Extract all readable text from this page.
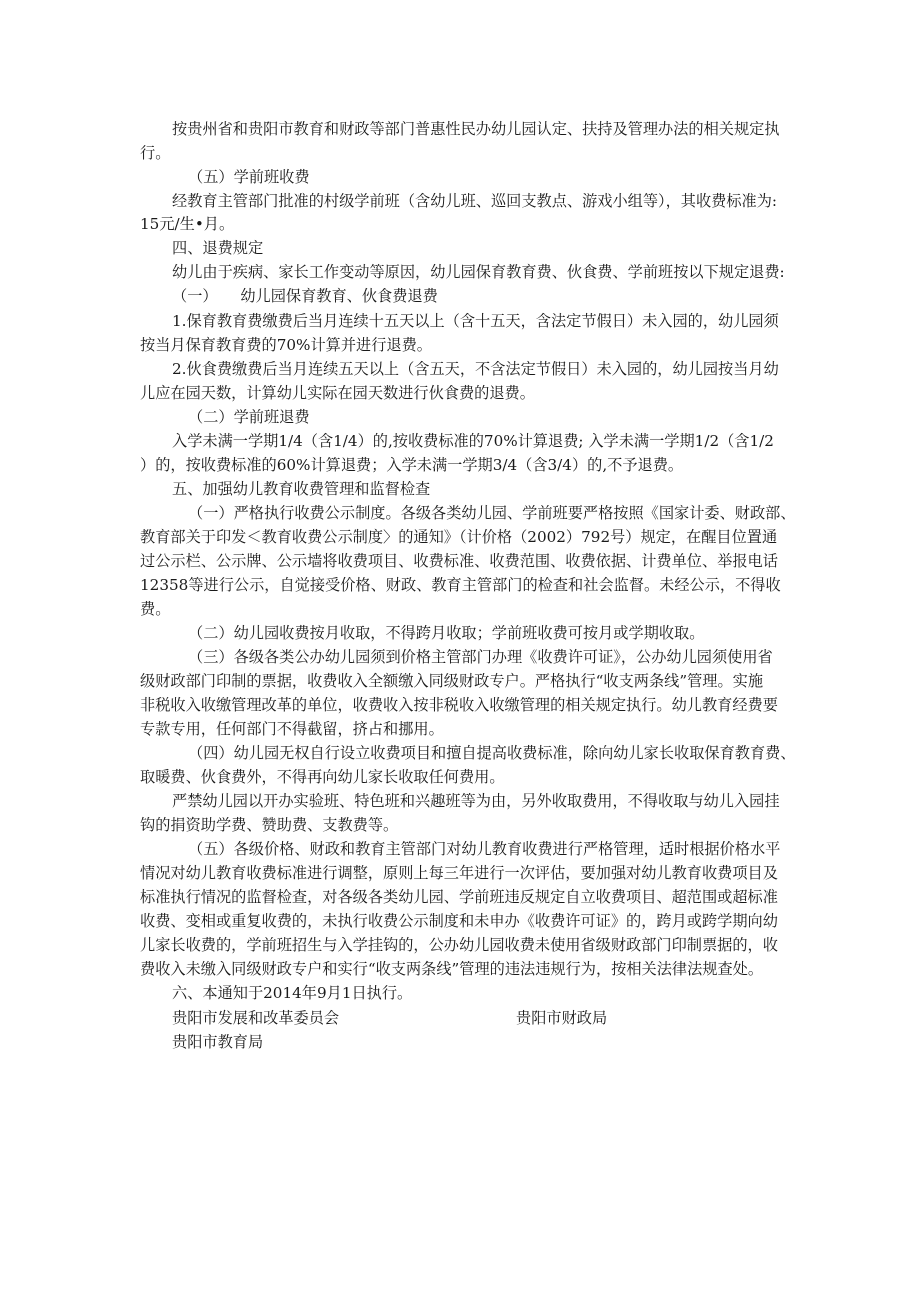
按贵州省和贵阳市教育和财政等部门普惠性民办幼儿园认定、扶持及管理办法的相关规定执

行。

（五）学前班收费

经教育主管部门批准的村级学前班（含幼儿班、巡回支教点、游戏小组等），其收费标准为:

15元/生•月。

四、退费规定

幼儿由于疾病、家长工作变动等原因，幼儿园保育教育费、伙食费、学前班按以下规定退费:

（一）　　幼儿园保育教育、伙食费退费

1.保育教育费缴费后当月连续十五天以上（含十五天，含法定节假日）未入园的，幼儿园须

按当月保育教育费的70%计算并进行退费。

2.伙食费缴费后当月连续五天以上（含五天，不含法定节假日）未入园的，幼儿园按当月幼

儿应在园天数，计算幼儿实际在园天数进行伙食费的退费。

（二）学前班退费

入学未满一学期1/4（含1/4）的,按收费标准的70%计算退费; 入学未满一学期1/2（含1/2

）的，按收费标准的60%计算退费；入学未满一学期3/4（含3/4）的,不予退费。

五、加强幼儿教育收费管理和监督检查

（一）严格执行收费公示制度。各级各类幼儿园、学前班要严格按照《国家计委、财政部、

教育部关于印发＜教育收费公示制度〉的通知》（计价格（2002）792号）规定，在醒目位置通

过公示栏、公示牌、公示墙将收费项目、收费标准、收费范围、收费依据、计费单位、举报电话

12358等进行公示，自觉接受价格、财政、教育主管部门的检查和社会监督。未经公示，不得收

费。

（二）幼儿园收费按月收取，不得跨月收取；学前班收费可按月或学期收取。

（三）各级各类公办幼儿园须到价格主管部门办理《收费许可证》，公办幼儿园须使用省

级财政部门印制的票据，收费收入全额缴入同级财政专户。严格执行“收支两条线”管理。实施

非税收入收缴管理改革的单位，收费收入按非税收入收缴管理的相关规定执行。幼儿教育经费要

专款专用，任何部门不得截留，挤占和挪用。

（四）幼儿园无权自行设立收费项目和擅自提高收费标准，除向幼儿家长收取保育教育费、

取暖费、伙食费外，不得再向幼儿家长收取任何费用。

严禁幼儿园以开办实验班、特色班和兴趣班等为由，另外收取费用，不得收取与幼儿入园挂

钩的捐资助学费、赞助费、支教费等。

（五）各级价格、财政和教育主管部门对幼儿教育收费进行严格管理，适时根据价格水平

情况对幼儿教育收费标准进行调整，原则上每三年进行一次评估，要加强对幼儿教育收费项目及

标准执行情况的监督检查，对各级各类幼儿园、学前班违反规定自立收费项目、超范围或超标准

收费、变相或重复收费的，未执行收费公示制度和未申办《收费许可证》的，跨月或跨学期向幼

儿家长收费的，学前班招生与入学挂钩的，公办幼儿园收费未使用省级财政部门印制票据的，收

费收入未缴入同级财政专户和实行“收支两条线”管理的违法违规行为，按相关法律法规查处。

六、本通知于2014年9月1日执行。

贵阳市发展和改革委员会	贵阳市财政局
贵阳市教育局
